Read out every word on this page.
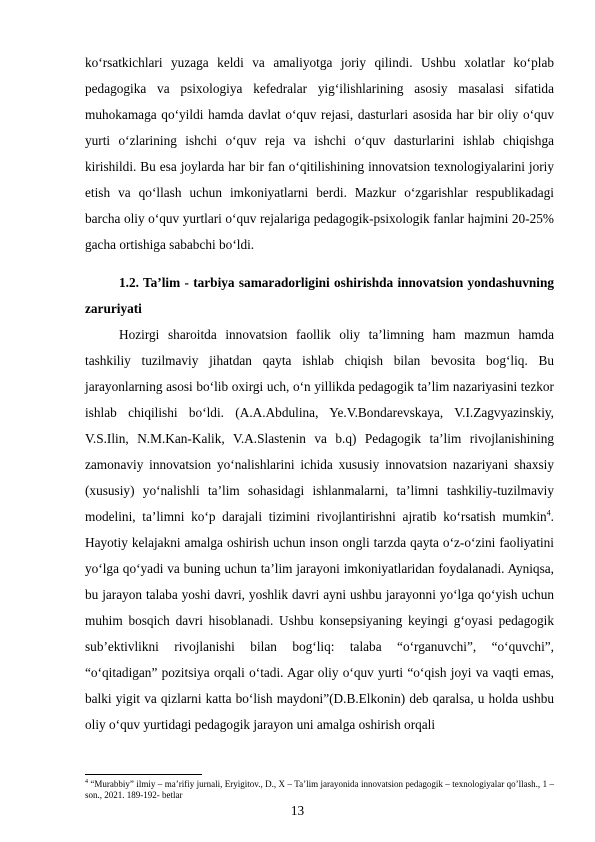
ko‘rsatkichlari yuzaga keldi va amaliyotga joriy qilindi. Ushbu xolatlar ko‘plab pedagogika va psixologiya kefedralar yig‘ilishlarining asosiy masalasi sifatida muhokamaga qo‘yildi hamda davlat o‘quv rejasi, dasturlari asosida har bir oliy o‘quv yurti o‘zlarining ishchi o‘quv reja va ishchi o‘quv dasturlarini ishlab chiqishga kirishildi. Bu esa joylarda har bir fan o‘qitilishining innovatsion texnologiyalarini joriy etish va qo‘llash uchun imkoniyatlarni berdi. Mazkur o‘zgarishlar respublikadagi barcha oliy o‘quv yurtlari o‘quv rejalariga pedagogik-psixologik fanlar hajmini 20-25% gacha ortishiga sababchi bo‘ldi.

1.2. Ta’lim - tarbiya samaradorligini oshirishda innovatsion yondashuvning zaruriyati

Hozirgi sharoitda innovatsion faollik oliy ta’limning ham mazmun hamda tashkiliy tuzilmaviy jihatdan qayta ishlab chiqish bilan bevosita bog‘liq. Bu jarayonlarning asosi bo‘lib oxirgi uch, o‘n yillikda pedagogik ta’lim nazariyasini tezkor ishlab chiqilishi bo‘ldi. (A.A.Abdulina, Ye.V.Bondarevskaya, V.I.Zagvyazinskiy, V.S.Ilin, N.M.Kan-Kalik, V.A.Slastenin va b.q) Pedagogik ta’lim rivojlanishining zamonaviy innovatsion yo‘nalishlarini ichida xususiy innovatsion nazariyani shaxsiy (xususiy) yo‘nalishli ta’lim sohasidagi ishlanmalarni, ta’limni tashkiliy-tuzilmaviy modelini, ta’limni ko‘p darajali tizimini rivojlantirishni ajratib ko‘rsatish mumkin$^4$. Hayotiy kelajakni amalga oshirish uchun inson ongli tarzda qayta o‘z-o‘zini faoliyatini yo‘lga qo‘yadi va buning uchun ta’lim jarayoni imkoniyatlaridan foydalanadi. Ayniqsa, bu jarayon talaba yoshi davri, yoshlik davri ayni ushbu jarayonni yo‘lga qo‘yish uchun muhim bosqich davri hisoblanadi. Ushbu konsepsiyaning keyingi g‘oyasi pedagogik sub’ektivlikni rivojlanishi bilan bog‘liq: talaba “o‘rganuvchi”, “o‘quvchi”, “o‘qitadigan” pozitsiya orqali o‘tadi. Agar oliy o‘quv yurti “o‘qish joyi va vaqti emas, balki yigit va qizlarni katta bo‘lish maydoni”(D.B.Elkonin) deb qaralsa, u holda ushbu oliy o‘quv yurtidagi pedagogik jarayon uni amalga oshirish orqali

$^4$ “Murabbiy” ilmiy – ma’rifiy jurnali, Eryigitov., D., X – Ta’lim jarayonida innovatsion pedagogik – texnologiyalar qo’llash., 1 – son., 2021. 189-192- betlar
13
